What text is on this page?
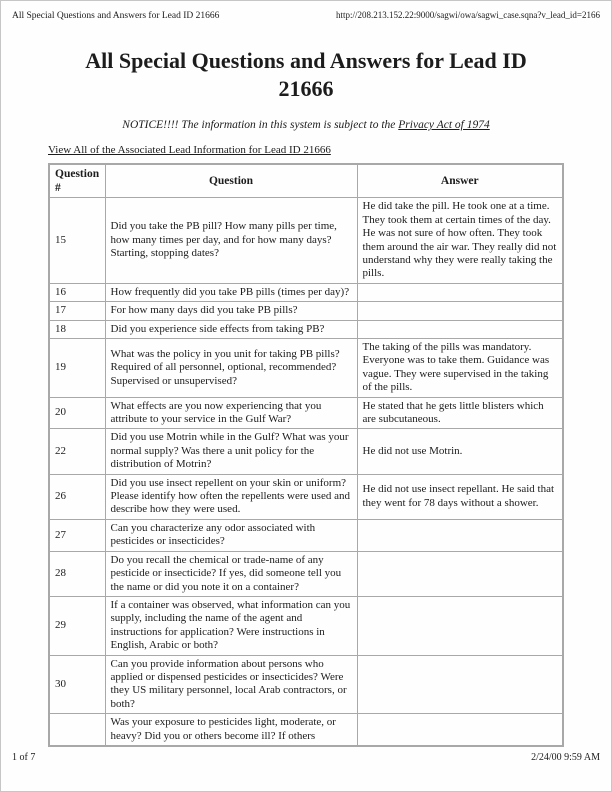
All Special Questions and Answers for Lead ID 21666	http://208.213.152.22:9000/sagwi/owa/sagwi_case.sqna?v_lead_id=2166
All Special Questions and Answers for Lead ID
21666

NOTICE!!!! The information in this system is subject to the Privacy Act of 1974

View All of the Associated Lead Information for Lead ID 21666

Question #	Question	Answer
15	Did you take the PB pill? How many pills per time, how many times per day, and for how many days? Starting, stopping dates?	He did take the pill. He took one at a time. They took them at certain times of the day. He was not sure of how often. They took them around the air war. They really did not understand why they were really taking the pills.
16	How frequently did you take PB pills (times per day)?	
17	For how many days did you take PB pills?	
18	Did you experience side effects from taking PB?	
19	What was the policy in you unit for taking PB pills? Required of all personnel, optional, recommended? Supervised or unsupervised?	The taking of the pills was mandatory. Everyone was to take them. Guidance was vague. They were supervised in the taking of the pills.
20	What effects are you now experiencing that you attribute to your service in the Gulf War?	He stated that he gets little blisters which are subcutaneous.
22	Did you use Motrin while in the Gulf? What was your normal supply? Was there a unit policy for the distribution of Motrin?	He did not use Motrin.
26	Did you use insect repellent on your skin or uniform? Please identify how often the repellents were used and describe how they were used.	He did not use insect repellant. He said that they went for 78 days without a shower.
27	Can you characterize any odor associated with pesticides or insecticides?	
28	Do you recall the chemical or trade-name of any pesticide or insecticide? If yes, did someone tell you the name or did you note it on a container?	
29	If a container was observed, what information can you supply, including the name of the agent and instructions for application? Were instructions in English, Arabic or both?	
30	Can you provide information about persons who applied or dispensed pesticides or insecticides? Were they US military personnel, local Arab contractors, or both?	
	Was your exposure to pesticides light, moderate, or heavy? Did you or others become ill? If others	
1 of 7	2/24/00 9:59 AM
